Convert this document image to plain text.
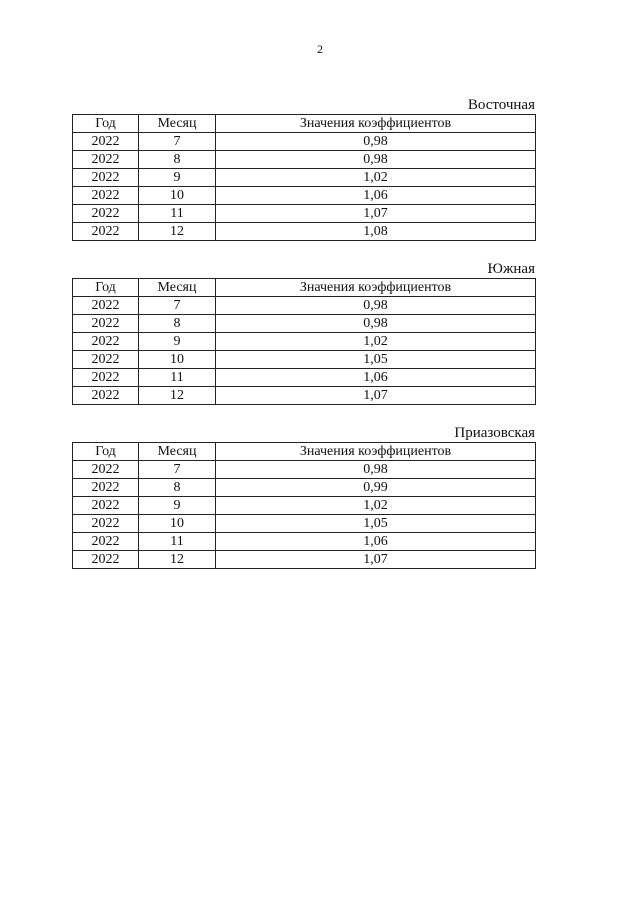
2
Восточная
Год	Месяц	Значения коэффициентов
2022	7	0,98
2022	8	0,98
2022	9	1,02
2022	10	1,06
2022	11	1,07
2022	12	1,08
Южная
Год	Месяц	Значения коэффициентов
2022	7	0,98
2022	8	0,98
2022	9	1,02
2022	10	1,05
2022	11	1,06
2022	12	1,07
Приазовская
Год	Месяц	Значения коэффициентов
2022	7	0,98
2022	8	0,99
2022	9	1,02
2022	10	1,05
2022	11	1,06
2022	12	1,07
